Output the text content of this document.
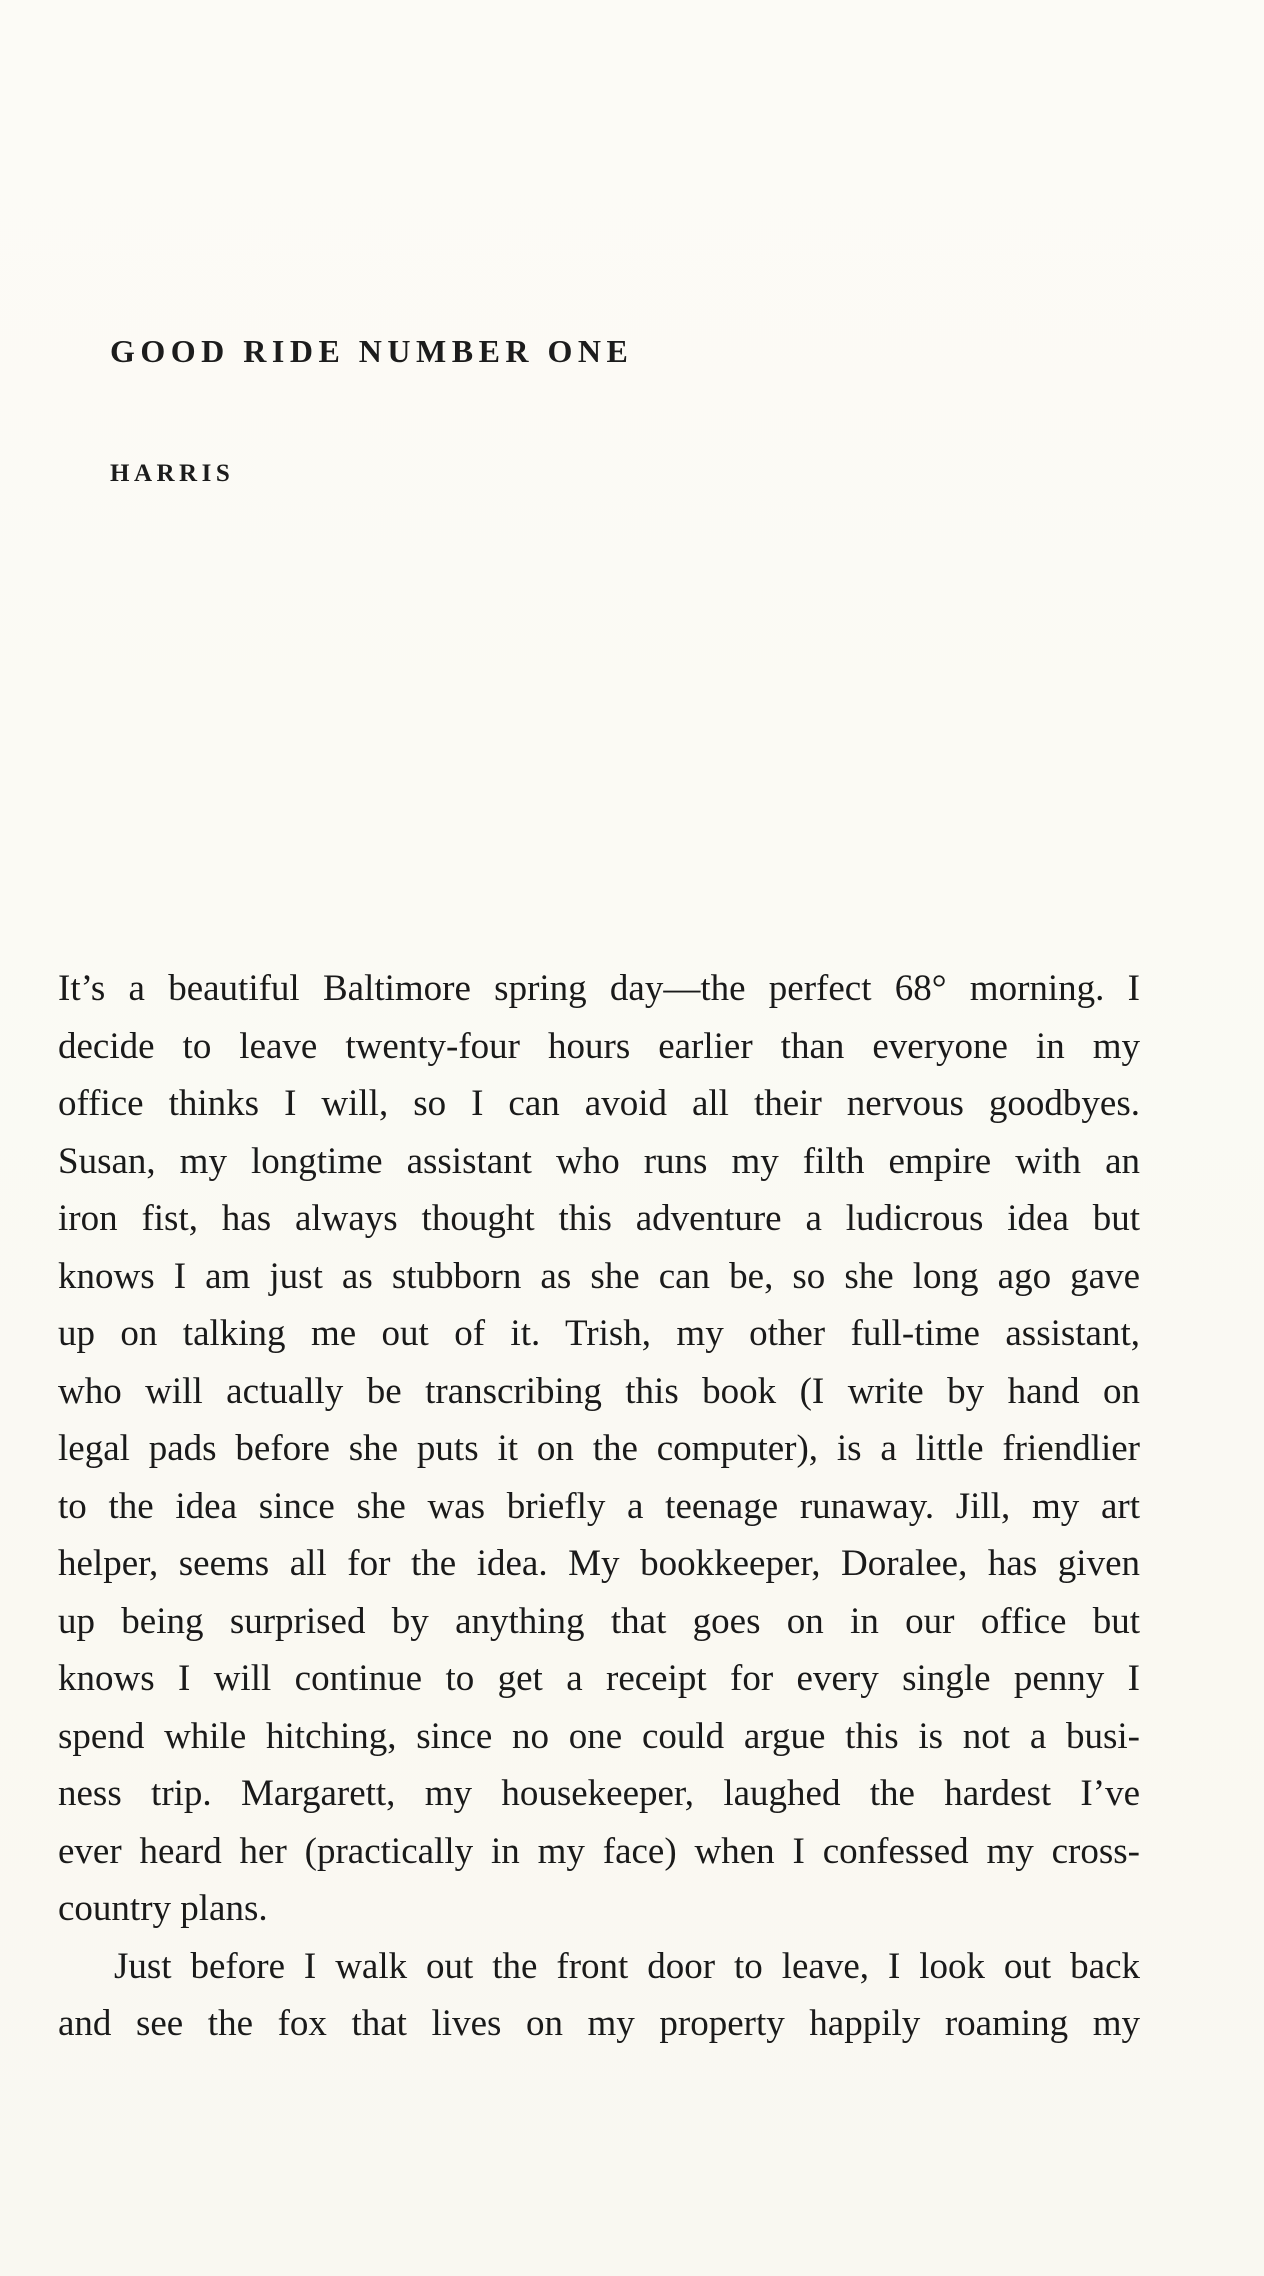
GOOD RIDE NUMBER ONE
HARRIS
It’s a beautiful Baltimore spring day—the perfect 68° morning. I
decide to leave twenty-four hours earlier than everyone in my
office thinks I will, so I can avoid all their nervous goodbyes.
Susan, my longtime assistant who runs my filth empire with an
iron fist, has always thought this adventure a ludicrous idea but
knows I am just as stubborn as she can be, so she long ago gave
up on talking me out of it. Trish, my other full-time assistant,
who will actually be transcribing this book (I write by hand on
legal pads before she puts it on the computer), is a little friendlier
to the idea since she was briefly a teenage runaway. Jill, my art
helper, seems all for the idea. My bookkeeper, Doralee, has given
up being surprised by anything that goes on in our office but
knows I will continue to get a receipt for every single penny I
spend while hitching, since no one could argue this is not a busi-
ness trip. Margarett, my housekeeper, laughed the hardest I’ve
ever heard her (practically in my face) when I confessed my cross-
country plans.
Just before I walk out the front door to leave, I look out back
and see the fox that lives on my property happily roaming my
